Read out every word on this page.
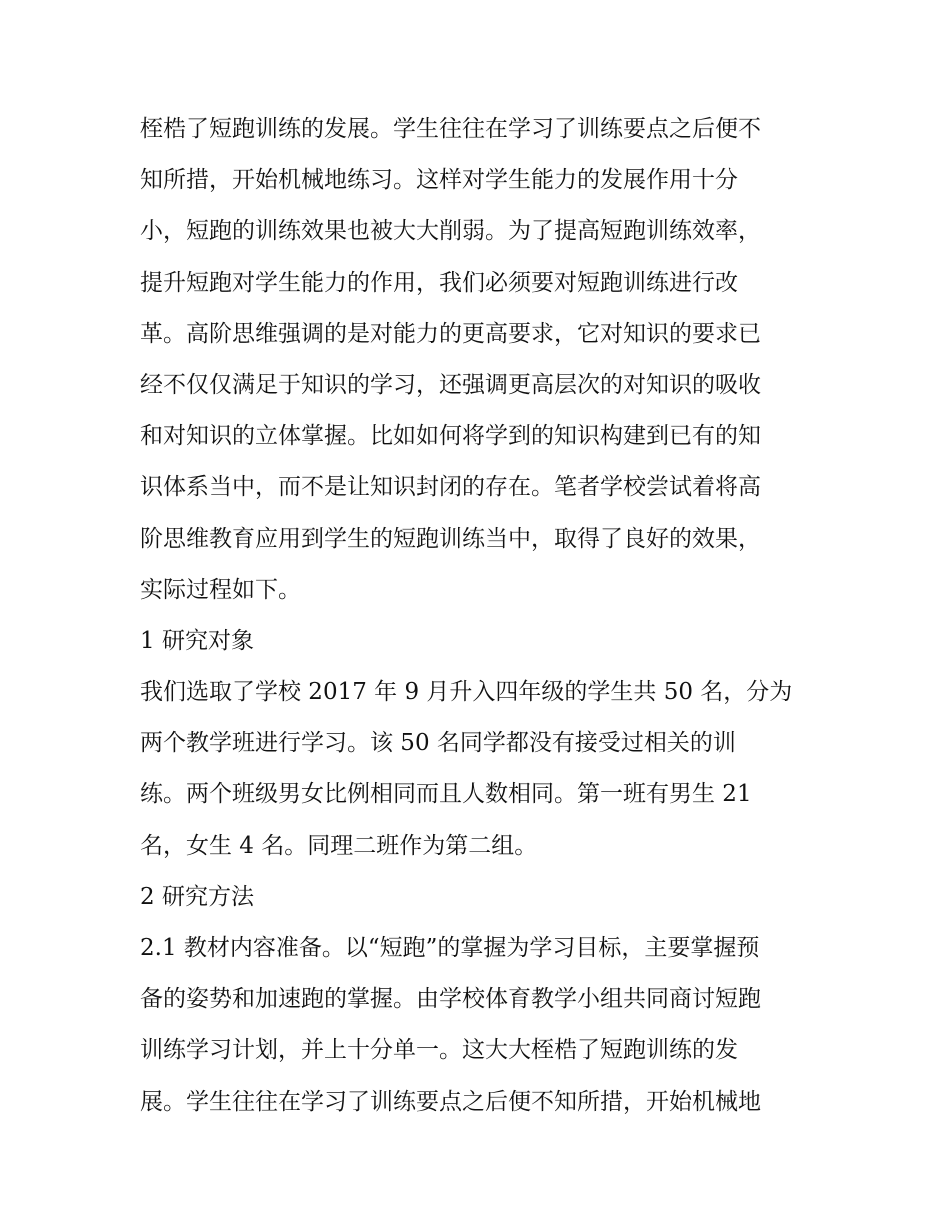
桎梏了短跑训练的发展。学生往往在学习了训练要点之后便不

知所措，开始机械地练习。这样对学生能力的发展作用十分

小，短跑的训练效果也被大大削弱。为了提高短跑训练效率，

提升短跑对学生能力的作用，我们必须要对短跑训练进行改

革。高阶思维强调的是对能力的更高要求，它对知识的要求已

经不仅仅满足于知识的学习，还强调更高层次的对知识的吸收

和对知识的立体掌握。比如如何将学到的知识构建到已有的知

识体系当中，而不是让知识封闭的存在。笔者学校尝试着将高

阶思维教育应用到学生的短跑训练当中，取得了良好的效果，

实际过程如下。

1 研究对象

我们选取了学校 2017 年 9 月升入四年级的学生共 50 名，分为

两个教学班进行学习。该 50 名同学都没有接受过相关的训

练。两个班级男女比例相同而且人数相同。第一班有男生 21

名，女生 4 名。同理二班作为第二组。

2 研究方法

2.1 教材内容准备。以“短跑”的掌握为学习目标，主要掌握预

备的姿势和加速跑的掌握。由学校体育教学小组共同商讨短跑

训练学习计划，并上十分单一。这大大桎梏了短跑训练的发

展。学生往往在学习了训练要点之后便不知所措，开始机械地
